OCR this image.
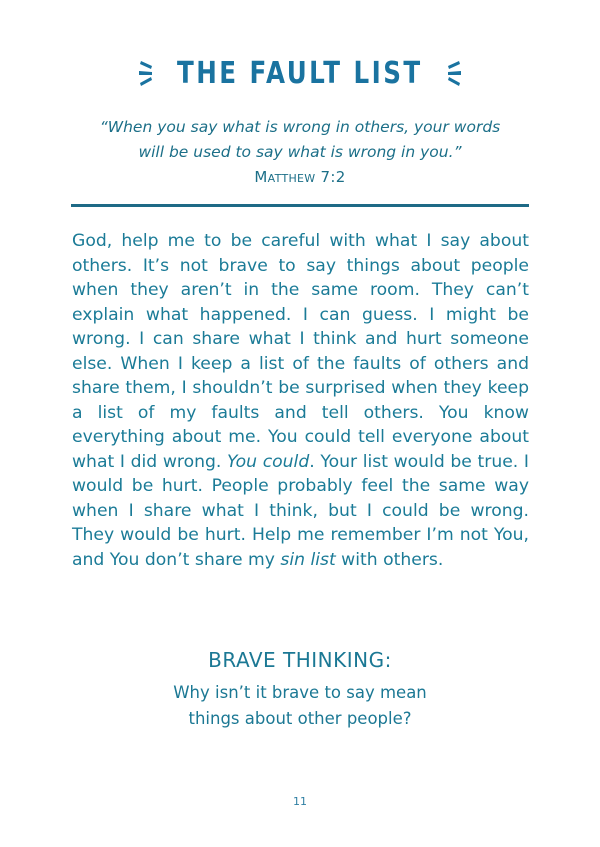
THE FAULT LIST
“When you say what is wrong in others, your words
will be used to say what is wrong in you.”
Matthew 7:2

God, help me to be careful with what I say about others. It’s not brave to say things about people when they aren’t in the same room. They can’t explain what happened. I can guess. I might be wrong. I can share what I think and hurt someone else. When I keep a list of the faults of others and share them, I shouldn’t be surprised when they keep a list of my faults and tell others. You know everything about me. You could tell everyone about what I did wrong. You could. Your list would be true. I would be hurt. People probably feel the same way when I share what I think, but I could be wrong. They would be hurt. Help me remember I’m not You, and You don’t share my sin list with others.

BRAVE THINKING:
Why isn’t it brave to say mean
things about other people?
11
